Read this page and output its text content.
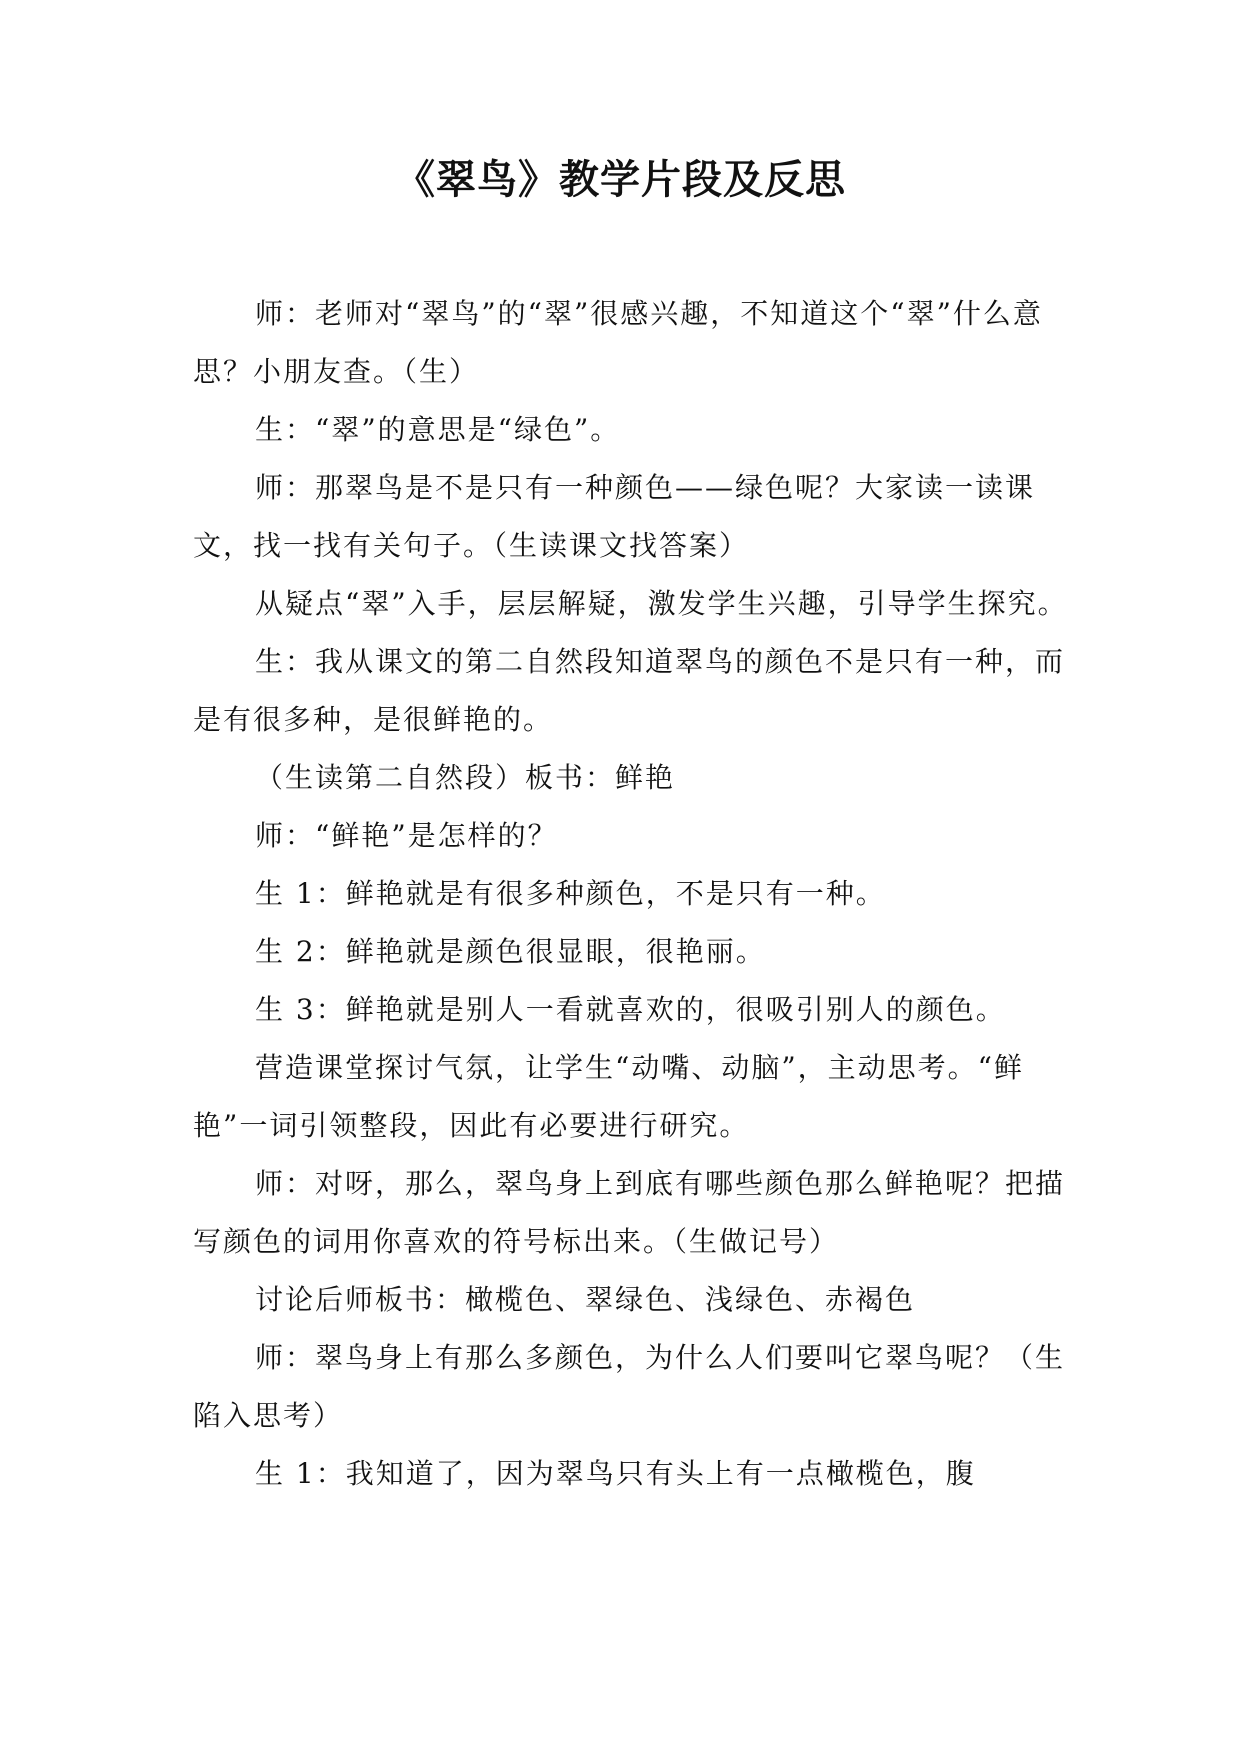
《翠鸟》教学片段及反思

师：老师对“翠鸟”的“翠”很感兴趣，不知道这个“翠”什么意思？小朋友查。（生）

生：“翠”的意思是“绿色”。

师：那翠鸟是不是只有一种颜色——绿色呢？大家读一读课文，找一找有关句子。（生读课文找答案）

从疑点“翠”入手，层层解疑，激发学生兴趣，引导学生探究。

生：我从课文的第二自然段知道翠鸟的颜色不是只有一种，而是有很多种，是很鲜艳的。

（生读第二自然段）板书：鲜艳

师：“鲜艳”是怎样的？

生 1：鲜艳就是有很多种颜色，不是只有一种。

生 2：鲜艳就是颜色很显眼，很艳丽。

生 3：鲜艳就是别人一看就喜欢的，很吸引别人的颜色。

营造课堂探讨气氛，让学生“动嘴、动脑”，主动思考。“鲜艳”一词引领整段，因此有必要进行研究。

师：对呀，那么，翠鸟身上到底有哪些颜色那么鲜艳呢？把描写颜色的词用你喜欢的符号标出来。（生做记号）

讨论后师板书：橄榄色、翠绿色、浅绿色、赤褐色

师：翠鸟身上有那么多颜色，为什么人们要叫它翠鸟呢？（生陷入思考）

生 1：我知道了，因为翠鸟只有头上有一点橄榄色，腹
